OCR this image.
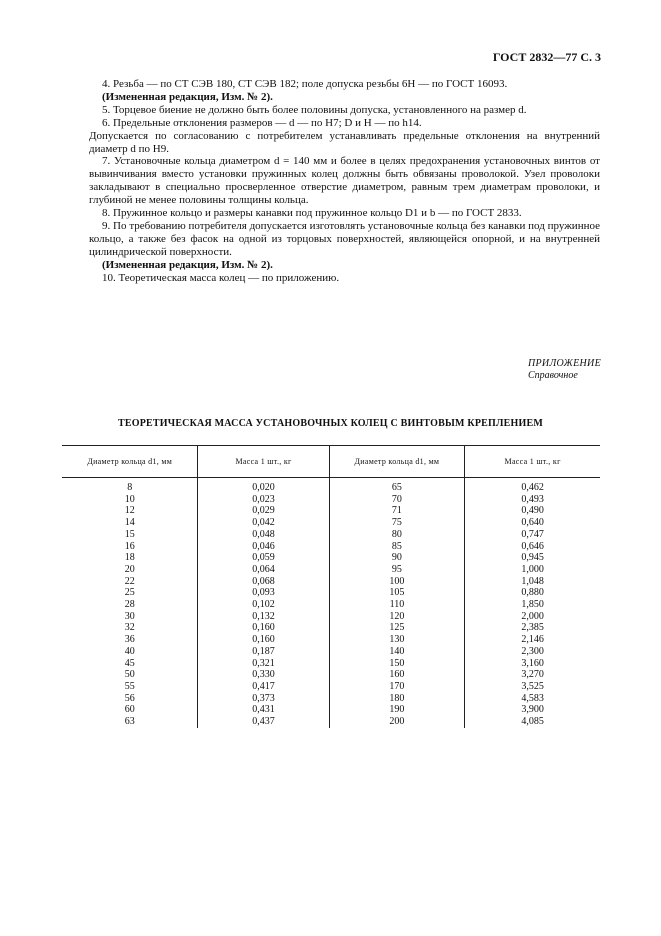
ГОСТ 2832—77 С. 3

4. Резьба — по СТ СЭВ 180, СТ СЭВ 182; поле допуска резьбы 6H — по ГОСТ 16093.

(Измененная редакция, Изм. № 2).

5. Торцевое биение не должно быть более половины допуска, установленного на размер d.

6. Предельные отклонения размеров — d — по H7; D и H — по h14.

Допускается по согласованию с потребителем устанавливать предельные отклонения на внутренний диаметр d по H9.

7. Установочные кольца диаметром d = 140 мм и более в целях предохранения установочных винтов от вывинчивания вместо установки пружинных колец должны быть обвязаны проволокой. Узел проволоки закладывают в специально просверленное отверстие диаметром, равным трем диаметрам проволоки, и глубиной не менее половины толщины кольца.

8. Пружинное кольцо и размеры канавки под пружинное кольцо D1 и b — по ГОСТ 2833.

9. По требованию потребителя допускается изготовлять установочные кольца без канавки под пружинное кольцо, а также без фасок на одной из торцовых поверхностей, являющейся опорной, и на внутренней цилиндрической поверхности.

(Измененная редакция, Изм. № 2).

10. Теоретическая масса колец — по приложению.

ПРИЛОЖЕНИЕ
Справочное
ТЕОРЕТИЧЕСКАЯ МАССА УСТАНОВОЧНЫХ КОЛЕЦ С ВИНТОВЫМ КРЕПЛЕНИЕМ
Диаметр кольца d1, мм	Масса 1 шт., кг	Диаметр кольца d1, мм	Масса 1 шт., кг
8	0,020	65	0,462
10	0,023	70	0,493
12	0,029	71	0,490
14	0,042	75	0,640
15	0,048	80	0,747
16	0,046	85	0,646
18	0,059	90	0,945
20	0,064	95	1,000
22	0,068	100	1,048
25	0,093	105	0,880
28	0,102	110	1,850
30	0,132	120	2,000
32	0,160	125	2,385
36	0,160	130	2,146
40	0,187	140	2,300
45	0,321	150	3,160
50	0,330	160	3,270
55	0,417	170	3,525
56	0,373	180	4,583
60	0,431	190	3,900
63	0,437	200	4,085
